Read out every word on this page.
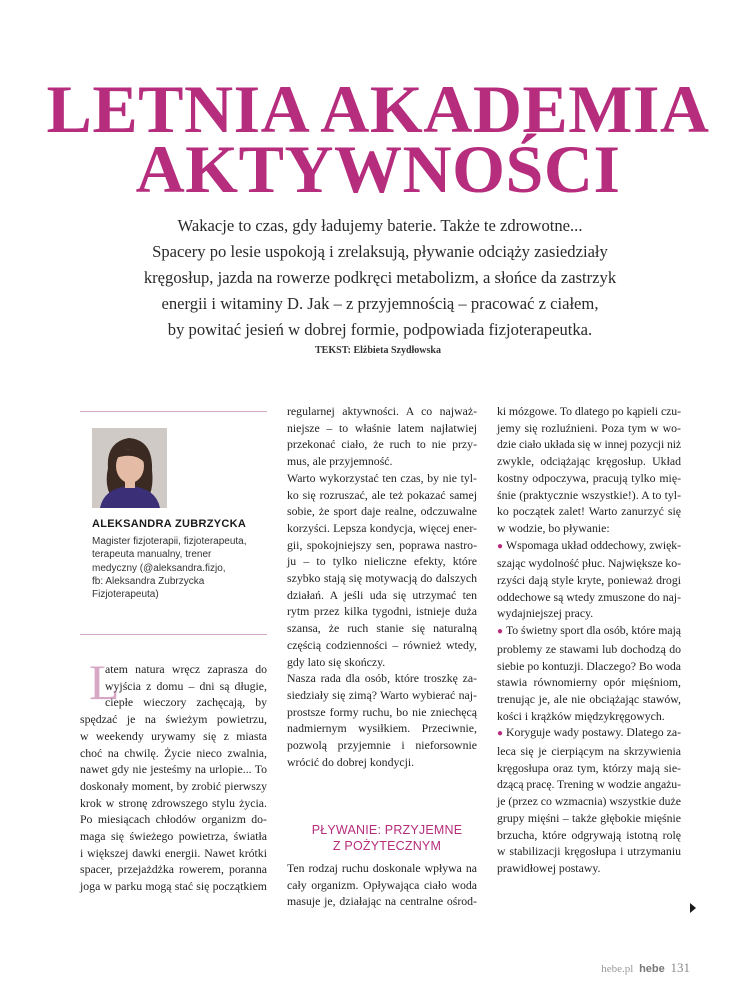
LETNIA AKADEMIA
AKTYWNOŚCI
Wakacje to czas, gdy ładujemy baterie. Także te zdrowotne...
Spacery po lesie uspokoją i zrelaksują, pływanie odciąży zasiedziały
kręgosłup, jazda na rowerze podkręci metabolizm, a słońce da zastrzyk
energii i witaminy D. Jak – z przyjemnością – pracować z ciałem,
by powitać jesień w dobrej formie, podpowiada fizjoterapeutka.
TEKST: Elżbieta Szydłowska
ALEKSANDRA ZUBRZYCKA
Magister fizjoterapii, fizjoterapeuta,
terapeuta manualny, trener
medyczny (@aleksandra.fizjo,
fb: Aleksandra Zubrzycka
Fizjoterapeuta)
L
atem natura wręcz zaprasza do
wyjścia z domu – dni są długie,
ciepłe wieczory zachęcają, by
spędzać je na świeżym powietrzu,
w weekendy urywamy się z miasta
choć na chwilę. Życie nieco zwalnia,
nawet gdy nie jesteśmy na urlopie... To
doskonały moment, by zrobić pierwszy
krok w stronę zdrowszego stylu życia.
Po miesiącach chłodów organizm do-
maga się świeżego powietrza, światła
i większej dawki energii. Nawet krótki
spacer, przejażdżka rowerem, poranna
joga w parku mogą stać się początkiem
regularnej aktywności. A co najważ-
niejsze – to właśnie latem najłatwiej
przekonać ciało, że ruch to nie przy-
mus, ale przyjemność.
Warto wykorzystać ten czas, by nie tyl-
ko się rozruszać, ale też pokazać samej
sobie, że sport daje realne, odczuwalne
korzyści. Lepsza kondycja, więcej ener-
gii, spokojniejszy sen, poprawa nastro-
ju – to tylko nieliczne efekty, które
szybko stają się motywacją do dalszych
działań. A jeśli uda się utrzymać ten
rytm przez kilka tygodni, istnieje duża
szansa, że ruch stanie się naturalną
częścią codzienności – również wtedy,
gdy lato się skończy.
Nasza rada dla osób, które troszkę za-
siedziały się zimą? Warto wybierać naj-
prostsze formy ruchu, bo nie zniechęcą
nadmiernym wysiłkiem. Przeciwnie,
pozwolą przyjemnie i nieforsownie
wrócić do dobrej kondycji.
PŁYWANIE: PRZYJEMNE
Z POŻYTECZNYM
Ten rodzaj ruchu doskonale wpływa na
cały organizm. Opływająca ciało woda
masuje je, działając na centralne ośrod-
ki mózgowe. To dlatego po kąpieli czu-
jemy się rozluźnieni. Poza tym w wo-
dzie ciało układa się w innej pozycji niż
zwykle, odciążając kręgosłup. Układ
kostny odpoczywa, pracują tylko mię-
śnie (praktycznie wszystkie!). A to tyl-
ko początek zalet! Warto zanurzyć się
w wodzie, bo pływanie:
● Wspomaga układ oddechowy, zwięk-
szając wydolność płuc. Największe ko-
rzyści dają style kryte, ponieważ drogi
oddechowe są wtedy zmuszone do naj-
wydajniejszej pracy.
● To świetny sport dla osób, które mają
problemy ze stawami lub dochodzą do
siebie po kontuzji. Dlaczego? Bo woda
stawia równomierny opór mięśniom,
trenując je, ale nie obciążając stawów,
kości i krążków międzykręgowych.
● Koryguje wady postawy. Dlatego za-
leca się je cierpiącym na skrzywienia
kręgosłupa oraz tym, którzy mają sie-
dzącą pracę. Trening w wodzie angażu-
je (przez co wzmacnia) wszystkie duże
grupy mięśni – także głębokie mięśnie
brzucha, które odgrywają istotną rolę
w stabilizacji kręgosłupa i utrzymaniu
prawidłowej postawy.
hebe.pl hebe 131
